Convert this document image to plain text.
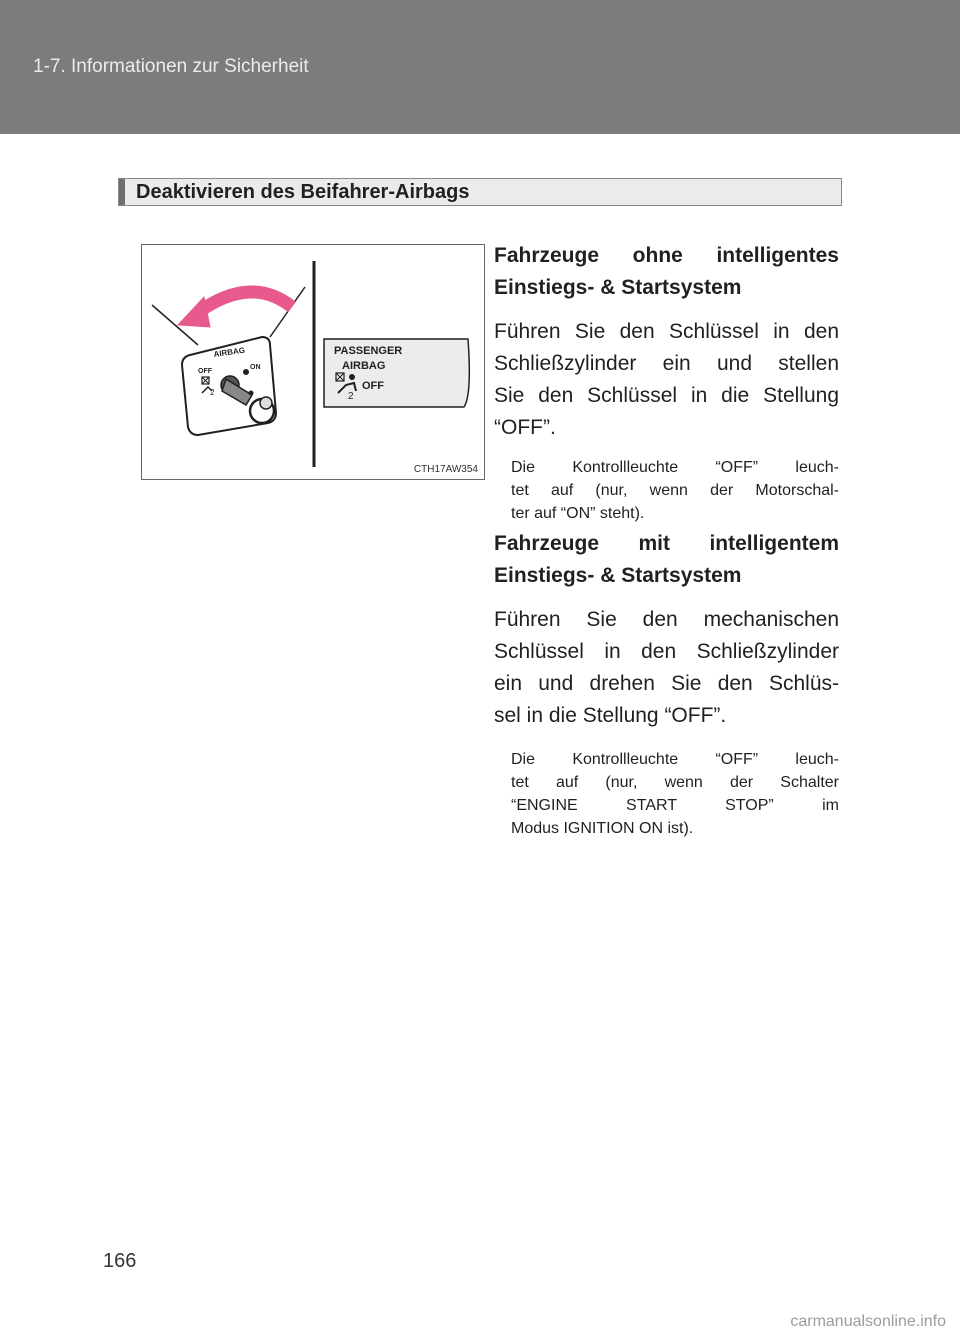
1-7. Informationen zur Sicherheit
Deaktivieren des Beifahrer-Airbags
AIRBAG
OFF
ON
2
PASSENGER
AIRBAG
2
OFF
CTH17AW354
Fahrzeuge ohne intelligentes
Einstiegs- & Startsystem
Führen Sie den Schlüssel in den
Schließzylinder ein und stellen
Sie den Schlüssel in die Stellung
“OFF”.
Die Kontrollleuchte “OFF” leuch-
tet auf (nur, wenn der Motorschal-
ter auf “ON” steht).
Fahrzeuge mit intelligentem
Einstiegs- & Startsystem
Führen Sie den mechanischen
Schlüssel in den Schließzylinder
ein und drehen Sie den Schlüs-
sel in die Stellung “OFF”.
Die Kontrollleuchte “OFF” leuch-
tet auf (nur, wenn der Schalter
“ENGINE START STOP” im
Modus IGNITION ON ist).
166
carmanualsonline.info
